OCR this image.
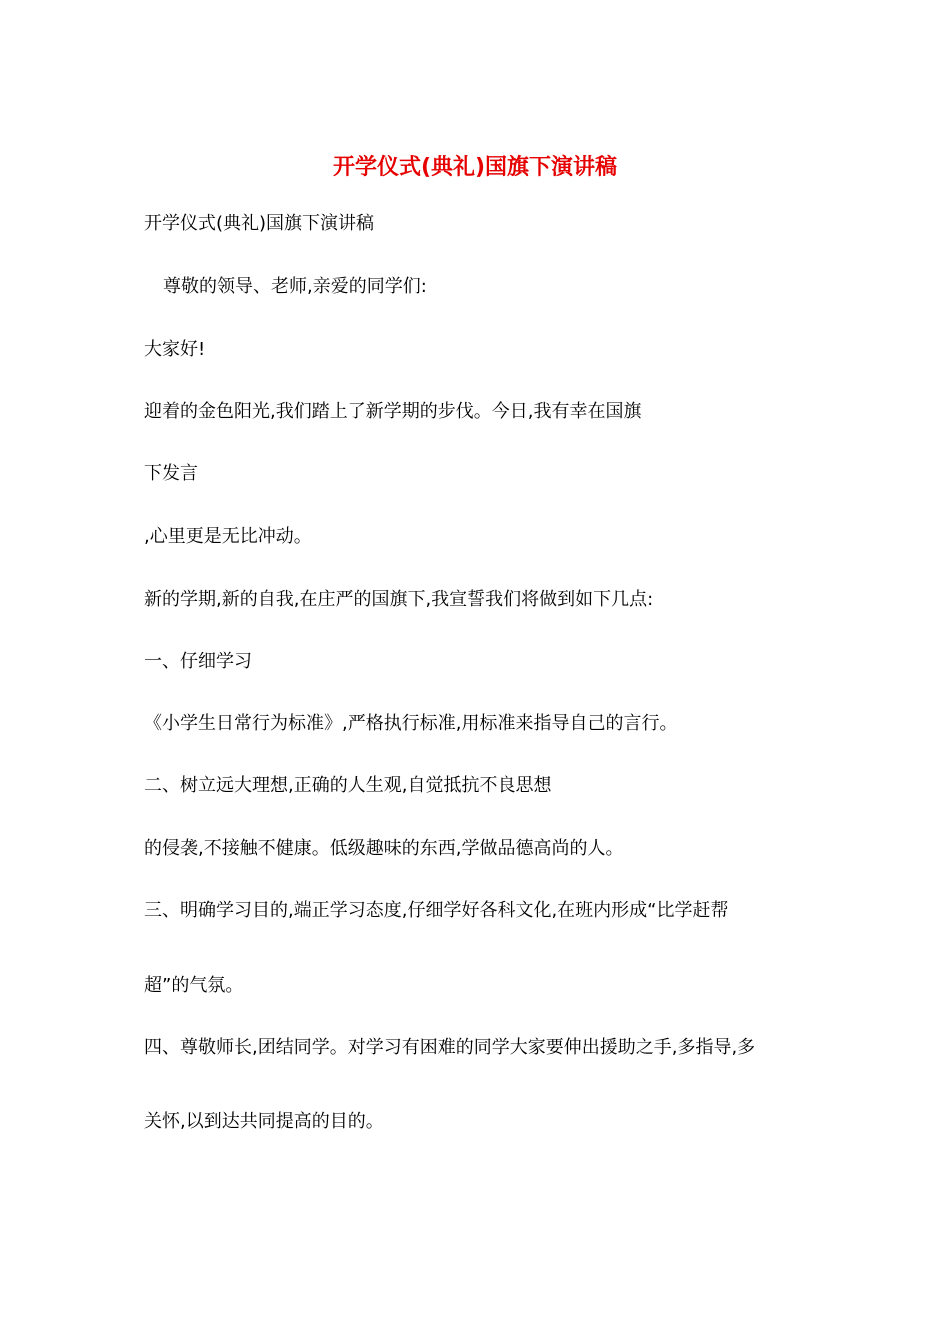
开学仪式(典礼)国旗下演讲稿
开学仪式(典礼)国旗下演讲稿
尊敬的领导、老师,亲爱的同学们:
大家好!
迎着的金色阳光,我们踏上了新学期的步伐。今日,我有幸在国旗
下发言
,心里更是无比冲动。
新的学期,新的自我,在庄严的国旗下,我宣誓我们将做到如下几点:
一、仔细学习
《小学生日常行为标准》,严格执行标准,用标准来指导自己的言行。
二、树立远大理想,正确的人生观,自觉抵抗不良思想
的侵袭,不接触不健康。低级趣味的东西,学做品德高尚的人。
三、明确学习目的,端正学习态度,仔细学好各科文化,在班内形成“比学赶帮
超”的气氛。
四、尊敬师长,团结同学。对学习有困难的同学大家要伸出援助之手,多指导,多
关怀,以到达共同提高的目的。
